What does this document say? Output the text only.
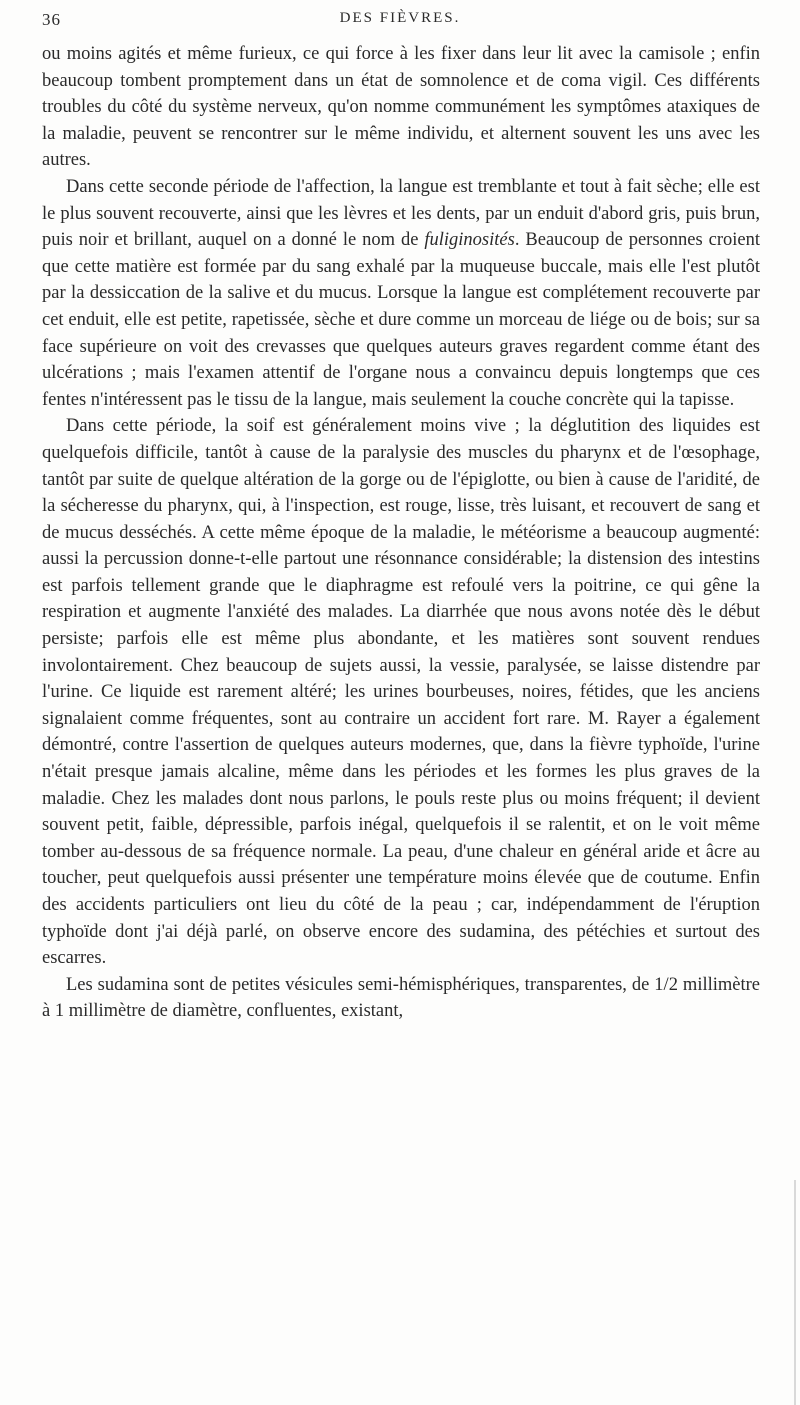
36	DES FIÈVRES.

ou moins agités et même furieux, ce qui force à les fixer dans leur lit avec la camisole ; enfin beaucoup tombent promptement dans un état de somnolence et de coma vigil. Ces différents troubles du côté du système nerveux, qu'on nomme communément les symptômes ataxiques de la maladie, peuvent se rencontrer sur le même individu, et alternent souvent les uns avec les autres.

Dans cette seconde période de l'affection, la langue est tremblante et tout à fait sèche; elle est le plus souvent recouverte, ainsi que les lèvres et les dents, par un enduit d'abord gris, puis brun, puis noir et brillant, auquel on a donné le nom de fuliginosités. Beaucoup de personnes croient que cette matière est formée par du sang exhalé par la muqueuse buccale, mais elle l'est plutôt par la dessiccation de la salive et du mucus. Lorsque la langue est complétement recouverte par cet enduit, elle est petite, rapetissée, sèche et dure comme un morceau de liége ou de bois; sur sa face supérieure on voit des crevasses que quelques auteurs graves regardent comme étant des ulcérations ; mais l'examen attentif de l'organe nous a convaincu depuis longtemps que ces fentes n'intéressent pas le tissu de la langue, mais seulement la couche concrète qui la tapisse.

Dans cette période, la soif est généralement moins vive ; la déglutition des liquides est quelquefois difficile, tantôt à cause de la paralysie des muscles du pharynx et de l'œsophage, tantôt par suite de quelque altération de la gorge ou de l'épiglotte, ou bien à cause de l'aridité, de la sécheresse du pharynx, qui, à l'inspection, est rouge, lisse, très luisant, et recouvert de sang et de mucus desséchés. A cette même époque de la maladie, le météorisme a beaucoup augmenté: aussi la percussion donne-t-elle partout une résonnance considérable; la distension des intestins est parfois tellement grande que le diaphragme est refoulé vers la poitrine, ce qui gêne la respiration et augmente l'anxiété des malades. La diarrhée que nous avons notée dès le début persiste; parfois elle est même plus abondante, et les matières sont souvent rendues involontairement. Chez beaucoup de sujets aussi, la vessie, paralysée, se laisse distendre par l'urine. Ce liquide est rarement altéré; les urines bourbeuses, noires, fétides, que les anciens signalaient comme fréquentes, sont au contraire un accident fort rare. M. Rayer a également démontré, contre l'assertion de quelques auteurs modernes, que, dans la fièvre typhoïde, l'urine n'était presque jamais alcaline, même dans les périodes et les formes les plus graves de la maladie. Chez les malades dont nous parlons, le pouls reste plus ou moins fréquent; il devient souvent petit, faible, dépressible, parfois inégal, quelquefois il se ralentit, et on le voit même tomber au-dessous de sa fréquence normale. La peau, d'une chaleur en général aride et âcre au toucher, peut quelquefois aussi présenter une température moins élevée que de coutume. Enfin des accidents particuliers ont lieu du côté de la peau ; car, indépendamment de l'éruption typhoïde dont j'ai déjà parlé, on observe encore des sudamina, des pétéchies et surtout des escarres.

Les sudamina sont de petites vésicules semi-hémisphériques, transparentes, de 1/2 millimètre à 1 millimètre de diamètre, confluentes, existant,
